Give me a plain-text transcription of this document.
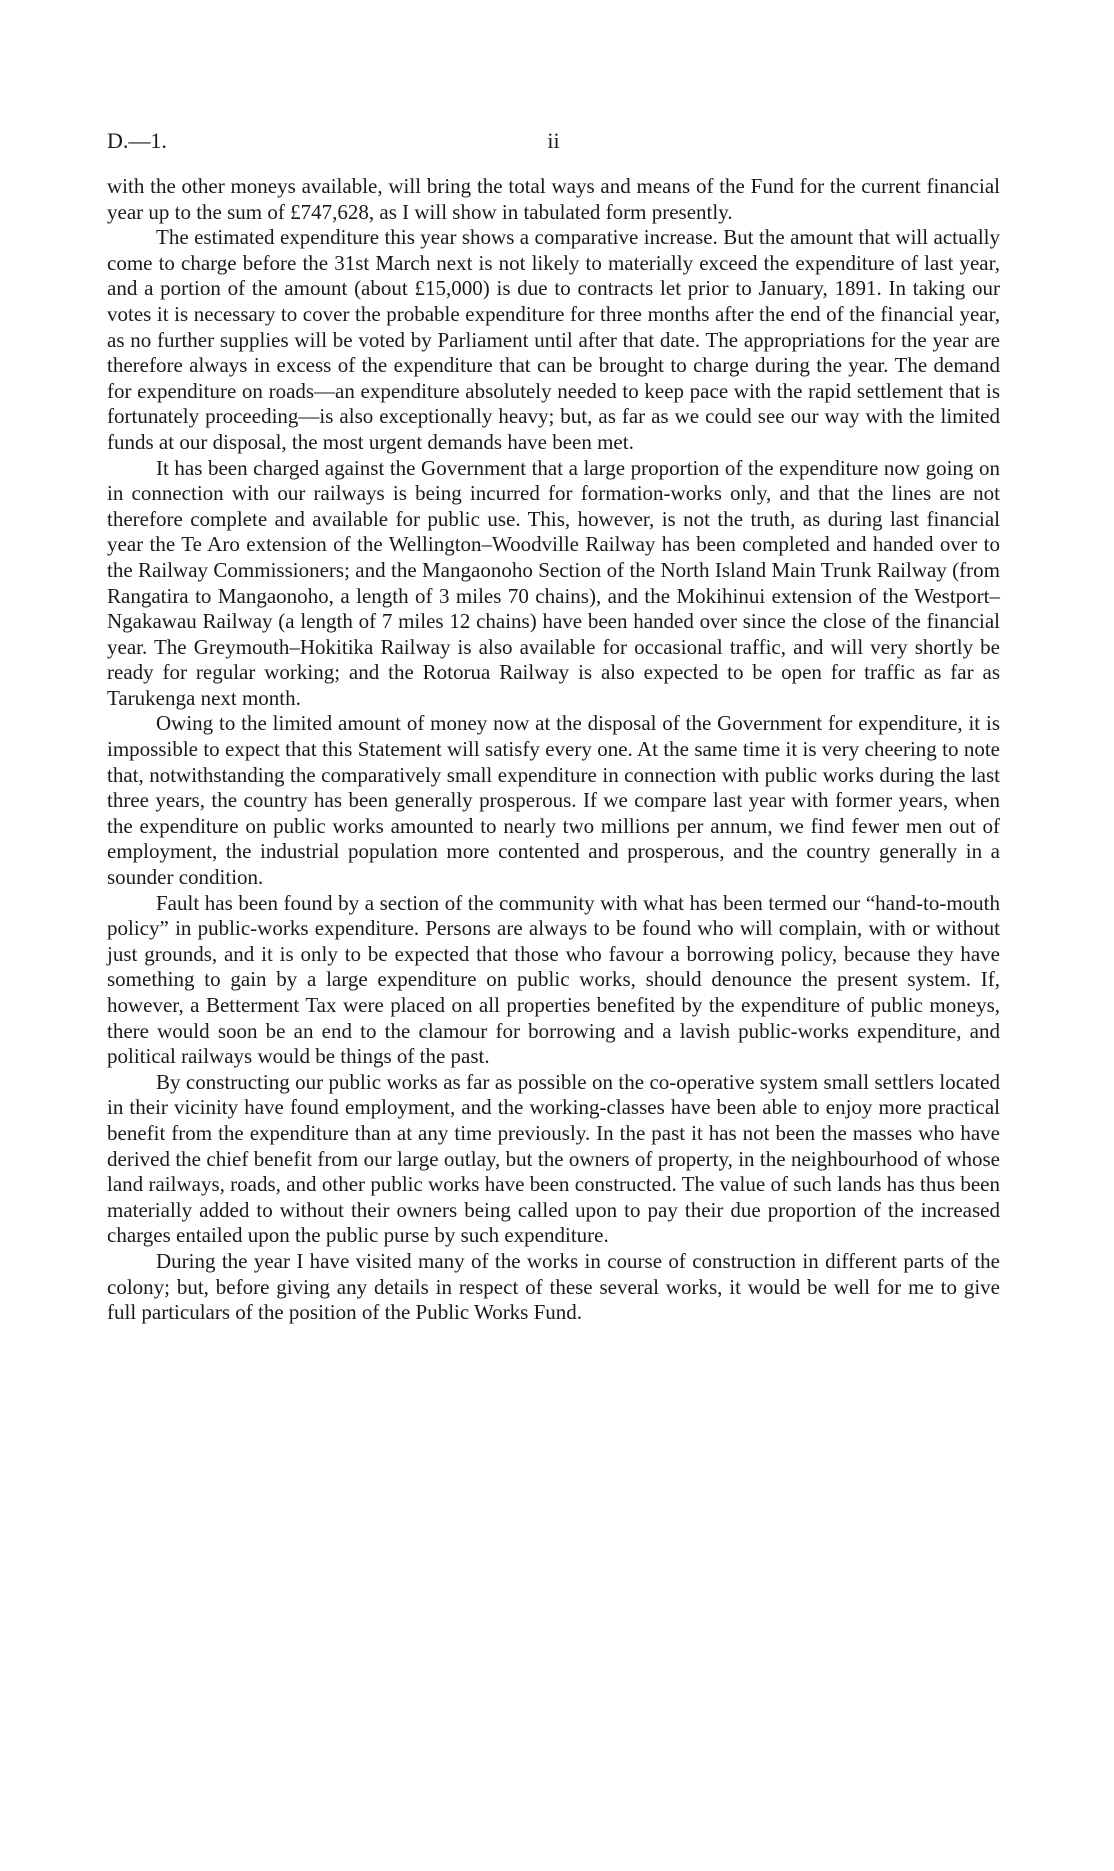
D.—1.	ii

with the other moneys available, will bring the total ways and means of the Fund for the current financial year up to the sum of £747,628, as I will show in tabulated form presently.

The estimated expenditure this year shows a comparative increase. But the amount that will actually come to charge before the 31st March next is not likely to materially exceed the expenditure of last year, and a portion of the amount (about £15,000) is due to contracts let prior to January, 1891. In taking our votes it is necessary to cover the probable expenditure for three months after the end of the financial year, as no further supplies will be voted by Parliament until after that date. The appropriations for the year are therefore always in excess of the expenditure that can be brought to charge during the year. The demand for expenditure on roads—an expenditure absolutely needed to keep pace with the rapid settlement that is fortunately proceeding—is also exceptionally heavy; but, as far as we could see our way with the limited funds at our disposal, the most urgent demands have been met.

It has been charged against the Government that a large proportion of the expenditure now going on in connection with our railways is being incurred for formation-works only, and that the lines are not therefore complete and available for public use. This, however, is not the truth, as during last financial year the Te Aro extension of the Wellington–Woodville Railway has been completed and handed over to the Railway Commissioners; and the Mangaonoho Section of the North Island Main Trunk Railway (from Rangatira to Mangaonoho, a length of 3 miles 70 chains), and the Mokihinui extension of the Westport–Ngakawau Railway (a length of 7 miles 12 chains) have been handed over since the close of the financial year. The Greymouth–Hokitika Railway is also available for occasional traffic, and will very shortly be ready for regular working; and the Rotorua Railway is also expected to be open for traffic as far as Tarukenga next month.

Owing to the limited amount of money now at the disposal of the Government for expenditure, it is impossible to expect that this Statement will satisfy every one. At the same time it is very cheering to note that, notwithstanding the comparatively small expenditure in connection with public works during the last three years, the country has been generally prosperous. If we compare last year with former years, when the expenditure on public works amounted to nearly two millions per annum, we find fewer men out of employment, the industrial population more contented and prosperous, and the country generally in a sounder condition.

Fault has been found by a section of the community with what has been termed our “hand-to-mouth policy” in public-works expenditure. Persons are always to be found who will complain, with or without just grounds, and it is only to be expected that those who favour a borrowing policy, because they have something to gain by a large expenditure on public works, should denounce the present system. If, however, a Betterment Tax were placed on all properties benefited by the expenditure of public moneys, there would soon be an end to the clamour for borrowing and a lavish public-works expenditure, and political railways would be things of the past.

By constructing our public works as far as possible on the co-operative system small settlers located in their vicinity have found employment, and the working-classes have been able to enjoy more practical benefit from the expenditure than at any time previously. In the past it has not been the masses who have derived the chief benefit from our large outlay, but the owners of property, in the neighbourhood of whose land railways, roads, and other public works have been constructed. The value of such lands has thus been materially added to without their owners being called upon to pay their due proportion of the increased charges entailed upon the public purse by such expenditure.

During the year I have visited many of the works in course of construction in different parts of the colony; but, before giving any details in respect of these several works, it would be well for me to give full particulars of the position of the Public Works Fund.
